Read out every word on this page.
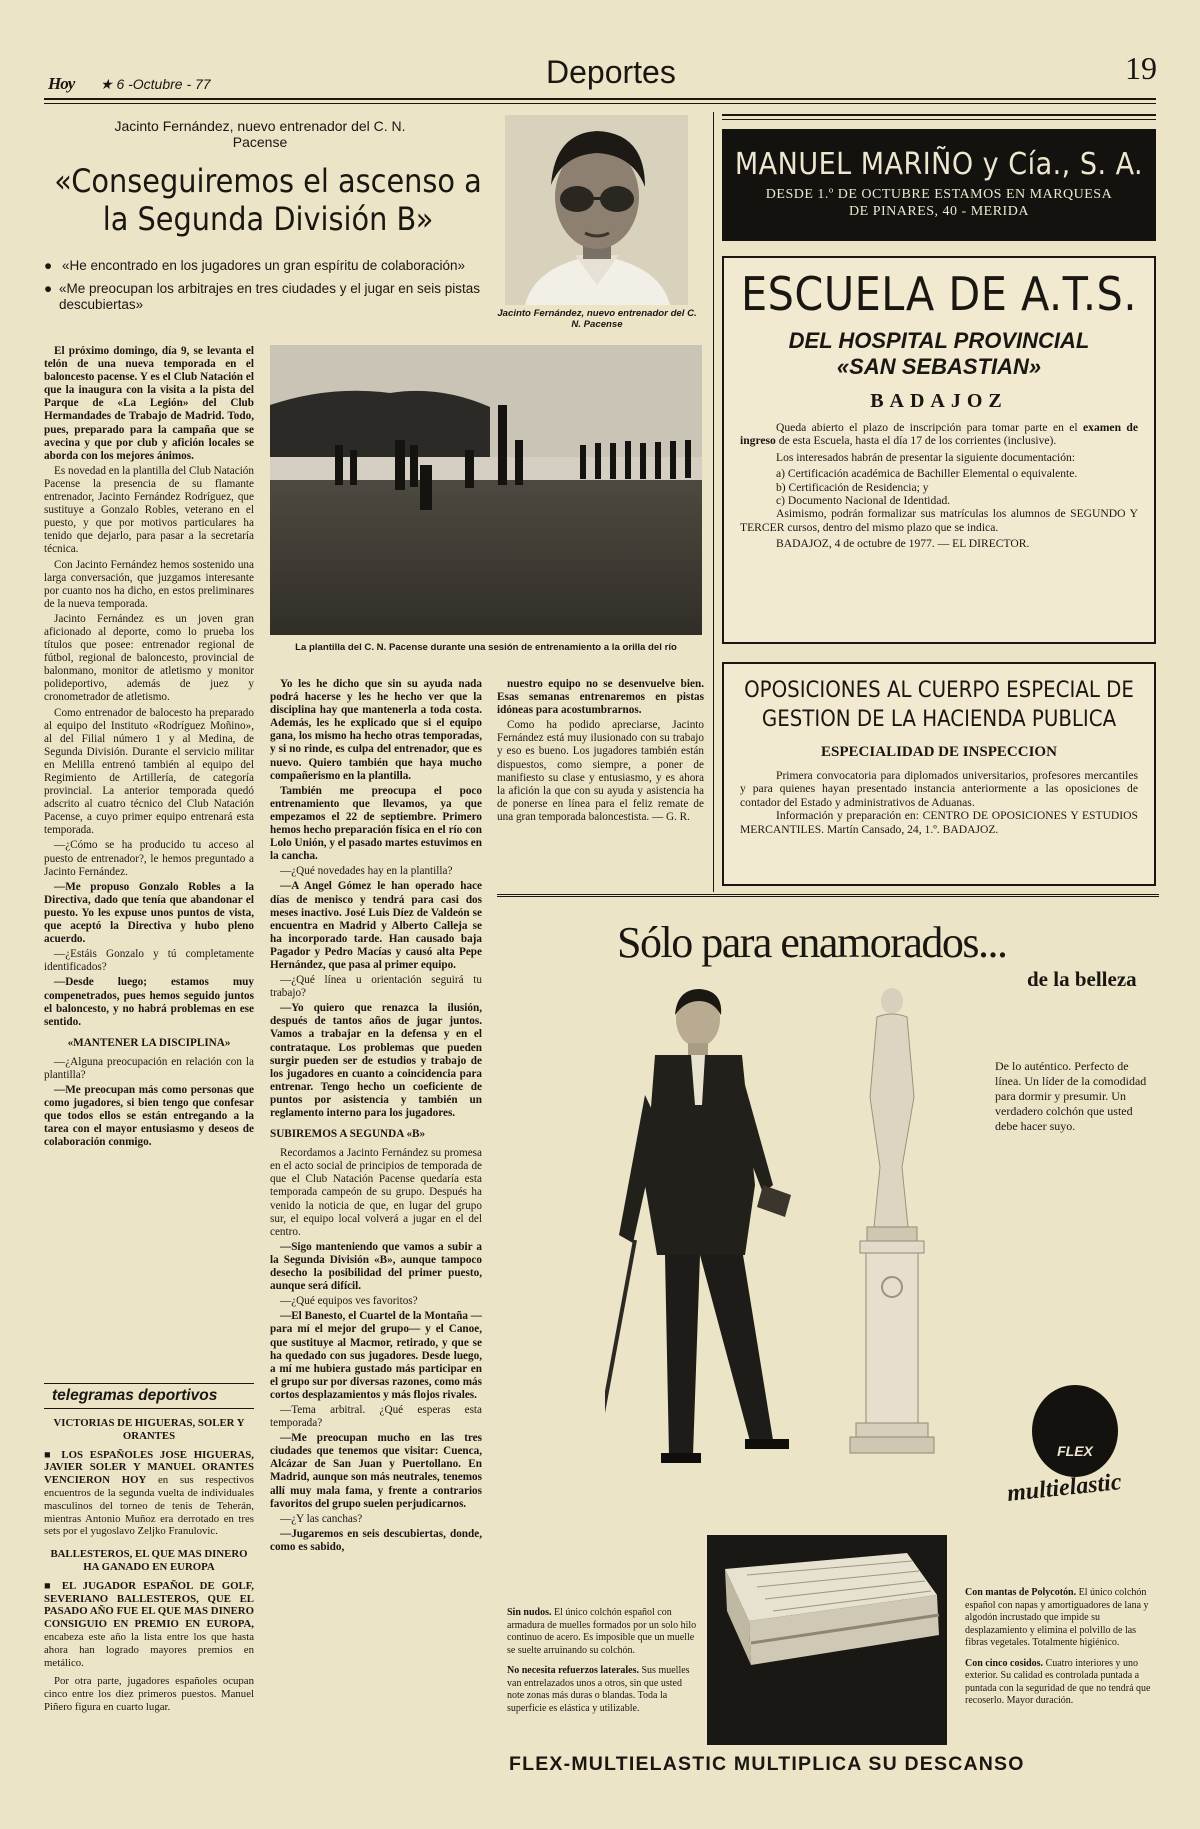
Hoy ★ 6 -Octubre - 77	Deportes	19
Jacinto Fernández, nuevo entrenador del C. N. Pacense
«Conseguiremos el ascenso a la Segunda División B»
● «He encontrado en los jugadores un gran espíritu de colaboración»
● «Me preocupan los arbitrajes en tres ciudades y el jugar en seis pistas descubiertas»
Jacinto Fernández, nuevo entrenador del C. N. Pacense
La plantilla del C. N. Pacense durante una sesión de entrenamiento a la orilla del río

El próximo domingo, día 9, se levanta el telón de una nueva temporada en el baloncesto pacense. Y es el Club Natación el que la inaugura con la visita a la pista del Parque de «La Legión» del Club Hermandades de Trabajo de Madrid. Todo, pues, preparado para la campaña que se avecina y que por club y afición locales se aborda con los mejores ánimos.

Es novedad en la plantilla del Club Natación Pacense la presencia de su flamante entrenador, Jacinto Fernández Rodríguez, que sustituye a Gonzalo Robles, veterano en el puesto, y que por motivos particulares ha tenido que dejarlo, para pasar a la secretaría técnica.

Con Jacinto Fernández hemos sostenido una larga conversación, que juzgamos interesante por cuanto nos ha dicho, en estos preliminares de la nueva temporada.

Jacinto Fernández es un joven gran aficionado al deporte, como lo prueba los títulos que posee: entrenador regional de fútbol, regional de baloncesto, provincial de balonmano, monitor de atletismo y monitor polideportivo, además de juez y cronometrador de atletismo.

Como entrenador de balocesto ha preparado al equipo del Instituto «Rodríguez Moñino», al del Filial número 1 y al Medina, de Segunda División. Durante el servicio militar en Melilla entrenó también al equipo del Regimiento de Artillería, de categoría provincial. La anterior temporada quedó adscrito al cuatro técnico del Club Natación Pacense, a cuyo primer equipo entrenará esta temporada.

—¿Cómo se ha producido tu acceso al puesto de entrenador?, le hemos preguntado a Jacinto Fernández.

—Me propuso Gonzalo Robles a la Directiva, dado que tenía que abandonar el puesto. Yo les expuse unos puntos de vista, que aceptó la Directiva y hubo pleno acuerdo.

—¿Estáis Gonzalo y tú completamente identificados?

—Desde luego; estamos muy compenetrados, pues hemos seguido juntos el baloncesto, y no habrá problemas en ese sentido.

«MANTENER LA DISCIPLINA»

—¿Alguna preocupación en relación con la plantilla?

—Me preocupan más como personas que como jugadores, si bien tengo que confesar que todos ellos se están entregando a la tarea con el mayor entusiasmo y deseos de colaboración conmigo.

Yo les he dicho que sin su ayuda nada podrá hacerse y les he hecho ver que la disciplina hay que mantenerla a toda costa. Además, les he explicado que si el equipo gana, los mismo ha hecho otras temporadas, y si no rinde, es culpa del entrenador, que es nuevo. Quiero también que haya mucho compañerismo en la plantilla.

También me preocupa el poco entrenamiento que llevamos, ya que empezamos el 22 de septiembre. Primero hemos hecho preparación física en el río con Lolo Unión, y el pasado martes estuvimos en la cancha.

—¿Qué novedades hay en la plantilla?

—A Angel Gómez le han operado hace días de menisco y tendrá para casi dos meses inactivo. José Luis Díez de Valdeón se encuentra en Madrid y Alberto Calleja se ha incorporado tarde. Han causado baja Pagador y Pedro Macías y causó alta Pepe Hernández, que pasa al primer equipo.

—¿Qué línea u orientación seguirá tu trabajo?

—Yo quiero que renazca la ilusión, después de tantos años de jugar juntos. Vamos a trabajar en la defensa y en el contrataque. Los problemas que pueden surgir pueden ser de estudios y trabajo de los jugadores en cuanto a coincidencia para entrenar. Tengo hecho un coeficiente de puntos por asistencia y también un reglamento interno para los jugadores.

SUBIREMOS A SEGUNDA «B»

Recordamos a Jacinto Fernández su promesa en el acto social de principios de temporada de que el Club Natación Pacense quedaría esta temporada campeón de su grupo. Después ha venido la noticia de que, en lugar del grupo sur, el equipo local volverá a jugar en el del centro.

—Sigo manteniendo que vamos a subir a la Segunda División «B», aunque tampoco desecho la posibilidad del primer puesto, aunque será difícil.

—¿Qué equipos ves favoritos?

—El Banesto, el Cuartel de la Montaña —para mí el mejor del grupo— y el Canoe, que sustituye al Macmor, retirado, y que se ha quedado con sus jugadores. Desde luego, a mí me hubiera gustado más participar en el grupo sur por diversas razones, como más cortos desplazamientos y más flojos rivales.

—Tema arbitral. ¿Qué esperas esta temporada?

—Me preocupan mucho en las tres ciudades que tenemos que visitar: Cuenca, Alcázar de San Juan y Puertollano. En Madrid, aunque son más neutrales, tenemos allí muy mala fama, y frente a contrarios favoritos del grupo suelen perjudicarnos.

—¿Y las canchas?

—Jugaremos en seis descubiertas, donde, como es sabido,

nuestro equipo no se desenvuelve bien. Esas semanas entrenaremos en pistas idóneas para acostumbrarnos.

Como ha podido apreciarse, Jacinto Fernández está muy ilusionado con su trabajo y eso es bueno. Los jugadores también están dispuestos, como siempre, a poner de manifiesto su clase y entusiasmo, y es ahora la afición la que con su ayuda y asistencia ha de ponerse en línea para el feliz remate de una gran temporada baloncestista. — G. R.

telegramas deportivos
VICTORIAS DE HIGUERAS, SOLER Y ORANTES

■ LOS ESPAÑOLES JOSE HIGUERAS, JAVIER SOLER Y MANUEL ORANTES VENCIERON HOY en sus respectivos encuentros de la segunda vuelta de individuales masculinos del torneo de tenis de Teherán, mientras Antonio Muñoz era derrotado en tres sets por el yugoslavo Zeljko Franulovic.

BALLESTEROS, EL QUE MAS DINERO HA GANADO EN EUROPA

■ EL JUGADOR ESPAÑOL DE GOLF, SEVERIANO BALLESTEROS, QUE EL PASADO AÑO FUE EL QUE MAS DINERO CONSIGUIO EN PREMIO EN EUROPA, encabeza este año la lista entre los que hasta ahora han logrado mayores premios en metálico.

Por otra parte, jugadores españoles ocupan cinco entre los diez primeros puestos. Manuel Piñero figura en cuarto lugar.

MANUEL MARIÑO y Cía., S. A.
DESDE 1.º DE OCTUBRE ESTAMOS EN MARQUESA DE PINARES, 40 - MERIDA
ESCUELA DE A.T.S.
DEL HOSPITAL PROVINCIAL
«SAN SEBASTIAN»
BADAJOZ

Queda abierto el plazo de inscripción para tomar parte en el examen de ingreso de esta Escuela, hasta el día 17 de los corrientes (inclusive).

Los interesados habrán de presentar la siguiente documentación:

a) Certificación académica de Bachiller Elemental o equivalente.

b) Certificación de Residencia; y

c) Documento Nacional de Identidad.

Asimismo, podrán formalizar sus matrículas los alumnos de SEGUNDO Y TERCER cursos, dentro del mismo plazo que se indica.

BADAJOZ, 4 de octubre de 1977. — EL DIRECTOR.

OPOSICIONES AL CUERPO ESPECIAL DE GESTION DE LA HACIENDA PUBLICA
ESPECIALIDAD DE INSPECCION

Primera convocatoria para diplomados universitarios, profesores mercantiles y para quienes hayan presentado instancia anteriormente a las oposiciones de contador del Estado y administrativos de Aduanas.

Información y preparación en: CENTRO DE OPOSICIONES Y ESTUDIOS MERCANTILES. Martín Cansado, 24, 1.º. BADAJOZ.

Sólo para enamorados...
de la belleza
De lo auténtico. Perfecto de línea. Un líder de la comodidad para dormir y presumir. Un verdadero colchón que usted debe hacer suyo.
FLEX
multielastic

Sin nudos. El único colchón español con armadura de muelles formados por un solo hilo continuo de acero. Es imposible que un muelle se suelte arruinando su colchón.

No necesita refuerzos laterales. Sus muelles van entrelazados unos a otros, sin que usted note zonas más duras o blandas. Toda la superficie es elástica y utilizable.

Con mantas de Polycotón. El único colchón español con napas y amortiguadores de lana y algodón incrustado que impide su desplazamiento y elimina el polvillo de las fibras vegetales. Totalmente higiénico.

Con cinco cosidos. Cuatro interiores y uno exterior. Su calidad es controlada puntada a puntada con la seguridad de que no tendrá que recoserlo. Mayor duración.

FLEX-MULTIELASTIC MULTIPLICA SU DESCANSO
